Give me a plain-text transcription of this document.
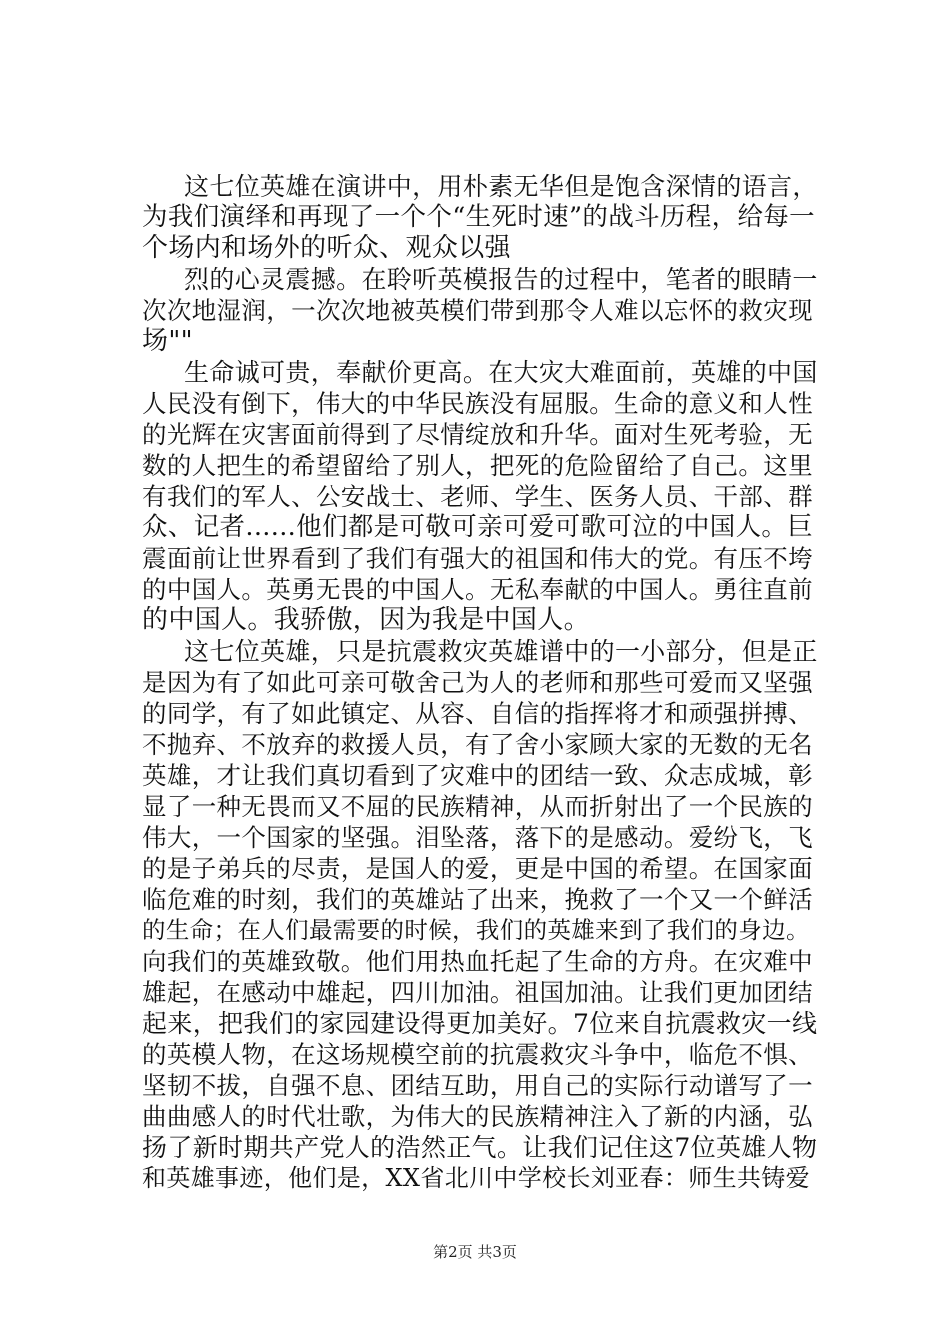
这七位英雄在演讲中，用朴素无华但是饱含深情的语言，
为我们演绎和再现了一个个“生死时速”的战斗历程，给每一
个场内和场外的听众、观众以强
烈的心灵震撼。在聆听英模报告的过程中，笔者的眼睛一
次次地湿润，一次次地被英模们带到那令人难以忘怀的救灾现
场""
生命诚可贵，奉献价更高。在大灾大难面前，英雄的中国
人民没有倒下，伟大的中华民族没有屈服。生命的意义和人性
的光辉在灾害面前得到了尽情绽放和升华。面对生死考验，无
数的人把生的希望留给了别人，把死的危险留给了自己。这里
有我们的军人、公安战士、老师、学生、医务人员、干部、群
众、记者......他们都是可敬可亲可爱可歌可泣的中国人。巨
震面前让世界看到了我们有强大的祖国和伟大的党。有压不垮
的中国人。英勇无畏的中国人。无私奉献的中国人。勇往直前
的中国人。我骄傲，因为我是中国人。
这七位英雄，只是抗震救灾英雄谱中的一小部分，但是正
是因为有了如此可亲可敬舍己为人的老师和那些可爱而又坚强
的同学，有了如此镇定、从容、自信的指挥将才和顽强拼搏、
不抛弃、不放弃的救援人员，有了舍小家顾大家的无数的无名
英雄，才让我们真切看到了灾难中的团结一致、众志成城，彰
显了一种无畏而又不屈的民族精神，从而折射出了一个民族的
伟大，一个国家的坚强。泪坠落，落下的是感动。爱纷飞，飞
的是子弟兵的尽责，是国人的爱，更是中国的希望。在国家面
临危难的时刻，我们的英雄站了出来，挽救了一个又一个鲜活
的生命；在人们最需要的时候，我们的英雄来到了我们的身边。
向我们的英雄致敬。他们用热血托起了生命的方舟。在灾难中
雄起，在感动中雄起，四川加油。祖国加油。让我们更加团结
起来，把我们的家园建设得更加美好。7位来自抗震救灾一线
的英模人物，在这场规模空前的抗震救灾斗争中，临危不惧、
坚韧不拔，自强不息、团结互助，用自己的实际行动谱写了一
曲曲感人的时代壮歌，为伟大的民族精神注入了新的内涵，弘
扬了新时期共产党人的浩然正气。让我们记住这7位英雄人物
和英雄事迹，他们是，XX省北川中学校长刘亚春：师生共铸爱
第2页 共3页
